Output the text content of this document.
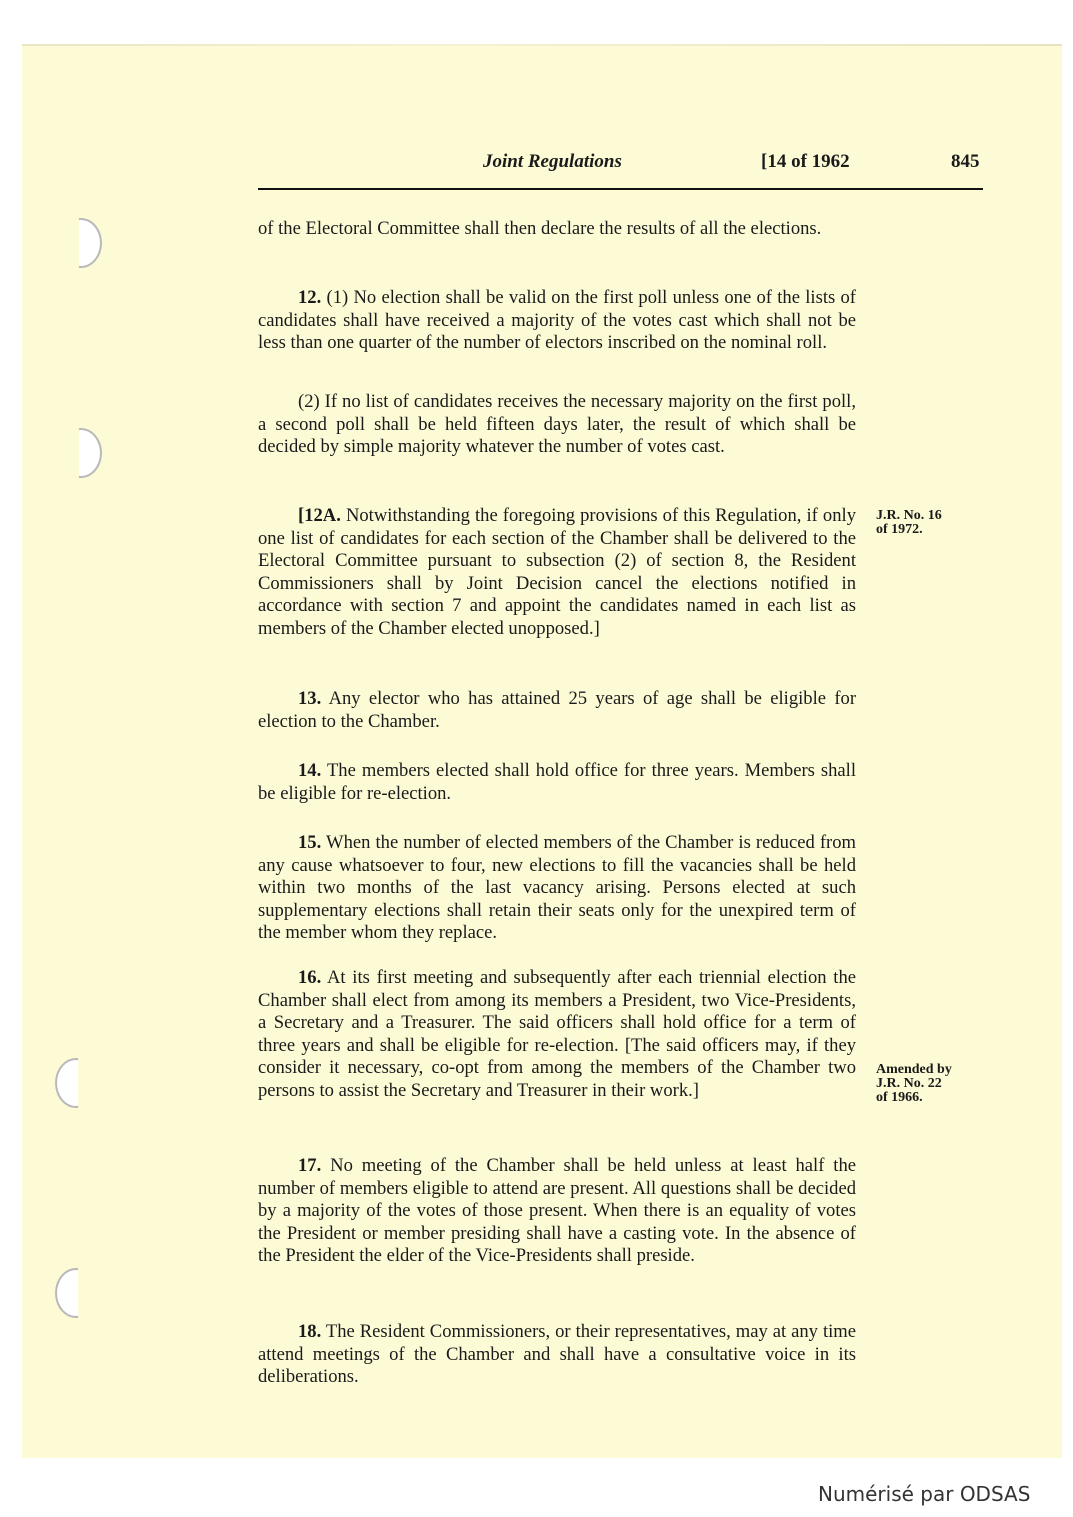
Joint Regulations	[14 of 1962	845

of the Electoral Committee shall then declare the results of all the elections.

12. (1) No election shall be valid on the first poll unless one of the lists of candidates shall have received a majority of the votes cast which shall not be less than one quarter of the number of electors inscribed on the nominal roll.

(2) If no list of candidates receives the necessary majority on the first poll, a second poll shall be held fifteen days later, the result of which shall be decided by simple majority whatever the number of votes cast.

[12A. Notwithstanding the foregoing provisions of this Regulation, if only one list of candidates for each section of the Chamber shall be delivered to the Electoral Committee pursuant to subsection (2) of section 8, the Resident Commissioners shall by Joint Decision cancel the elections notified in accordance with section 7 and appoint the candidates named in each list as members of the Chamber elected unopposed.]

J.R. No. 16
of 1972.

13. Any elector who has attained 25 years of age shall be eligible for election to the Chamber.

14. The members elected shall hold office for three years. Members shall be eligible for re-election.

15. When the number of elected members of the Chamber is reduced from any cause whatsoever to four, new elections to fill the vacancies shall be held within two months of the last vacancy arising. Persons elected at such supplementary elections shall retain their seats only for the unexpired term of the member whom they replace.

16. At its first meeting and subsequently after each triennial election the Chamber shall elect from among its members a President, two Vice-Presidents, a Secretary and a Treasurer. The said officers shall hold office for a term of three years and shall be eligible for re-election. [The said officers may, if they consider it necessary, co-opt from among the members of the Chamber two persons to assist the Secretary and Treasurer in their work.]

Amended by
J.R. No. 22
of 1966.

17. No meeting of the Chamber shall be held unless at least half the number of members eligible to attend are present. All questions shall be decided by a majority of the votes of those present. When there is an equality of votes the President or member presiding shall have a casting vote. In the absence of the President the elder of the Vice-Presidents shall preside.

18. The Resident Commissioners, or their representatives, may at any time attend meetings of the Chamber and shall have a consultative voice in its deliberations.

Numérisé par ODSAS
